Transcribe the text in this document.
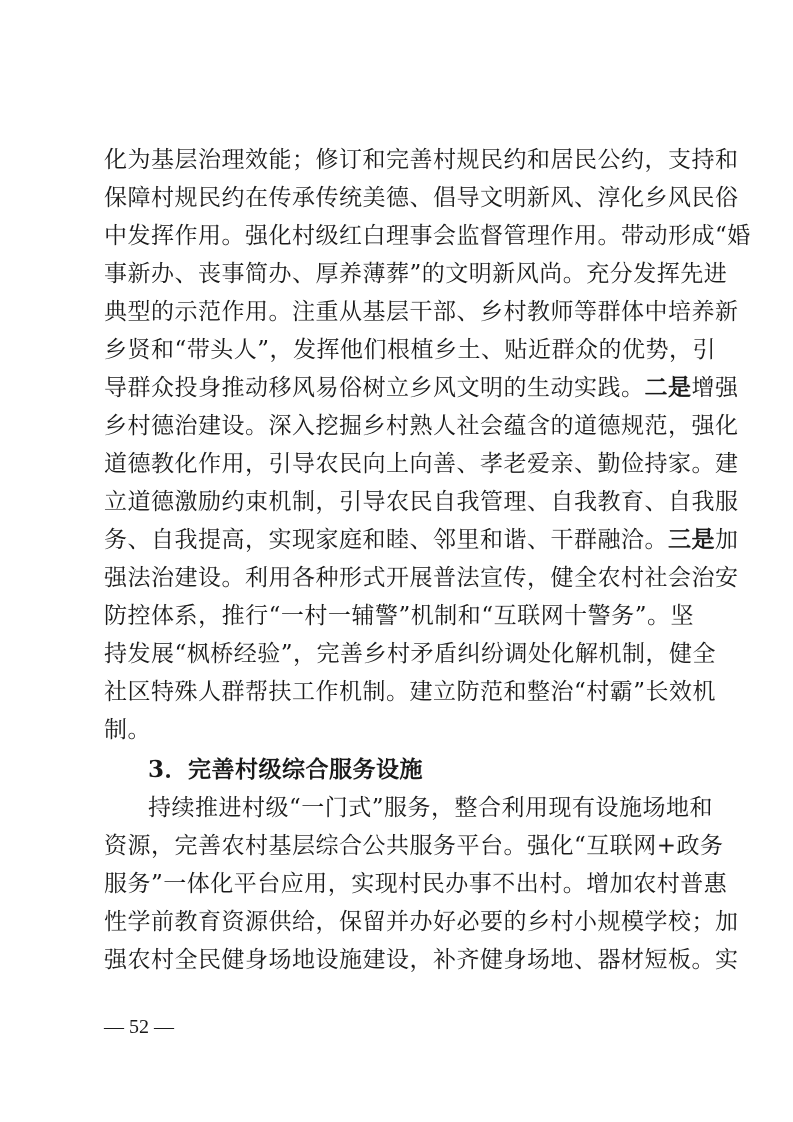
化为基层治理效能；修订和完善村规民约和居民公约，支持和
保障村规民约在传承传统美德、倡导文明新风、淳化乡风民俗
中发挥作用。强化村级红白理事会监督管理作用。带动形成“婚
事新办、丧事简办、厚养薄葬”的文明新风尚。充分发挥先进
典型的示范作用。注重从基层干部、乡村教师等群体中培养新
乡贤和“带头人”，发挥他们根植乡土、贴近群众的优势，引
导群众投身推动移风易俗树立乡风文明的生动实践。二是增强
乡村德治建设。深入挖掘乡村熟人社会蕴含的道德规范，强化
道德教化作用，引导农民向上向善、孝老爱亲、勤俭持家。建
立道德激励约束机制，引导农民自我管理、自我教育、自我服
务、自我提高，实现家庭和睦、邻里和谐、干群融洽。三是加
强法治建设。利用各种形式开展普法宣传，健全农村社会治安
防控体系，推行“一村一辅警”机制和“互联网十警务”。坚
持发展“枫桥经验”，完善乡村矛盾纠纷调处化解机制，健全
社区特殊人群帮扶工作机制。建立防范和整治“村霸”长效机
制。
3．完善村级综合服务设施
持续推进村级“一门式”服务，整合利用现有设施场地和
资源，完善农村基层综合公共服务平台。强化“互联网+政务
服务”一体化平台应用，实现村民办事不出村。增加农村普惠
性学前教育资源供给，保留并办好必要的乡村小规模学校；加
强农村全民健身场地设施建设，补齐健身场地、器材短板。实
— 52 —
